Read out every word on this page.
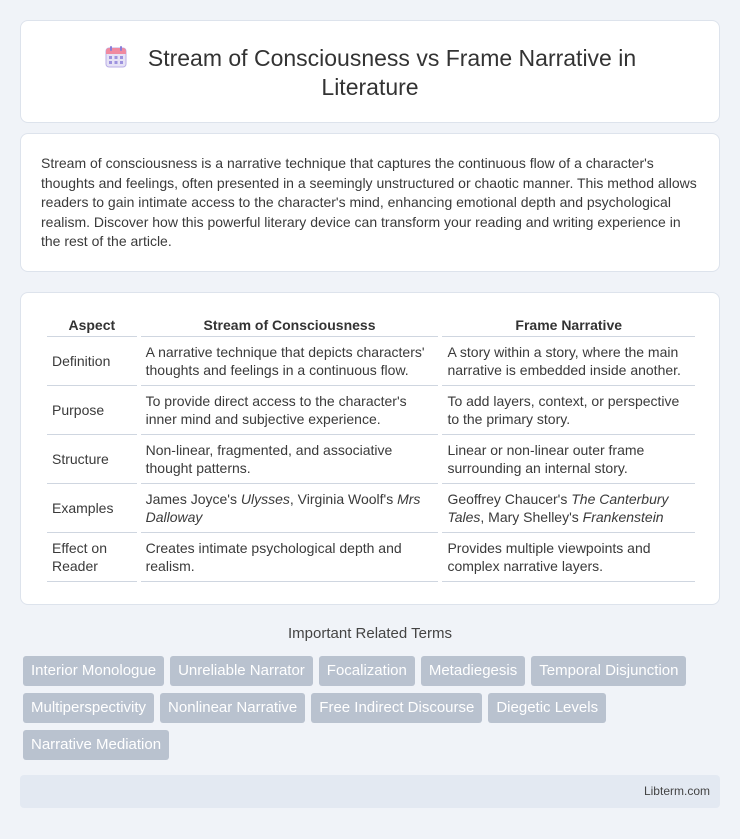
Stream of Consciousness vs Frame Narrative in
Literature

Stream of consciousness is a narrative technique that captures the continuous flow of a character's thoughts and feelings, often presented in a seemingly unstructured or chaotic manner. This method allows readers to gain intimate access to the character's mind, enhancing emotional depth and psychological realism. Discover how this powerful literary device can transform your reading and writing experience in the rest of the article.

Aspect	Stream of Consciousness	Frame Narrative
Definition	A narrative technique that depicts characters' thoughts and feelings in a continuous flow.	A story within a story, where the main narrative is embedded inside another.
Purpose	To provide direct access to the character's inner mind and subjective experience.	To add layers, context, or perspective to the primary story.
Structure	Non-linear, fragmented, and associative thought patterns.	Linear or non-linear outer frame surrounding an internal story.
Examples	James Joyce's Ulysses, Virginia Woolf's Mrs Dalloway	Geoffrey Chaucer's The Canterbury Tales, Mary Shelley's Frankenstein
Effect on Reader	Creates intimate psychological depth and realism.	Provides multiple viewpoints and complex narrative layers.
Important Related Terms
Interior Monologue	Unreliable Narrator	Focalization	Metadiegesis	Temporal Disjunction
Multiperspectivity	Nonlinear Narrative	Free Indirect Discourse	Diegetic Levels
Narrative Mediation
Libterm.com
